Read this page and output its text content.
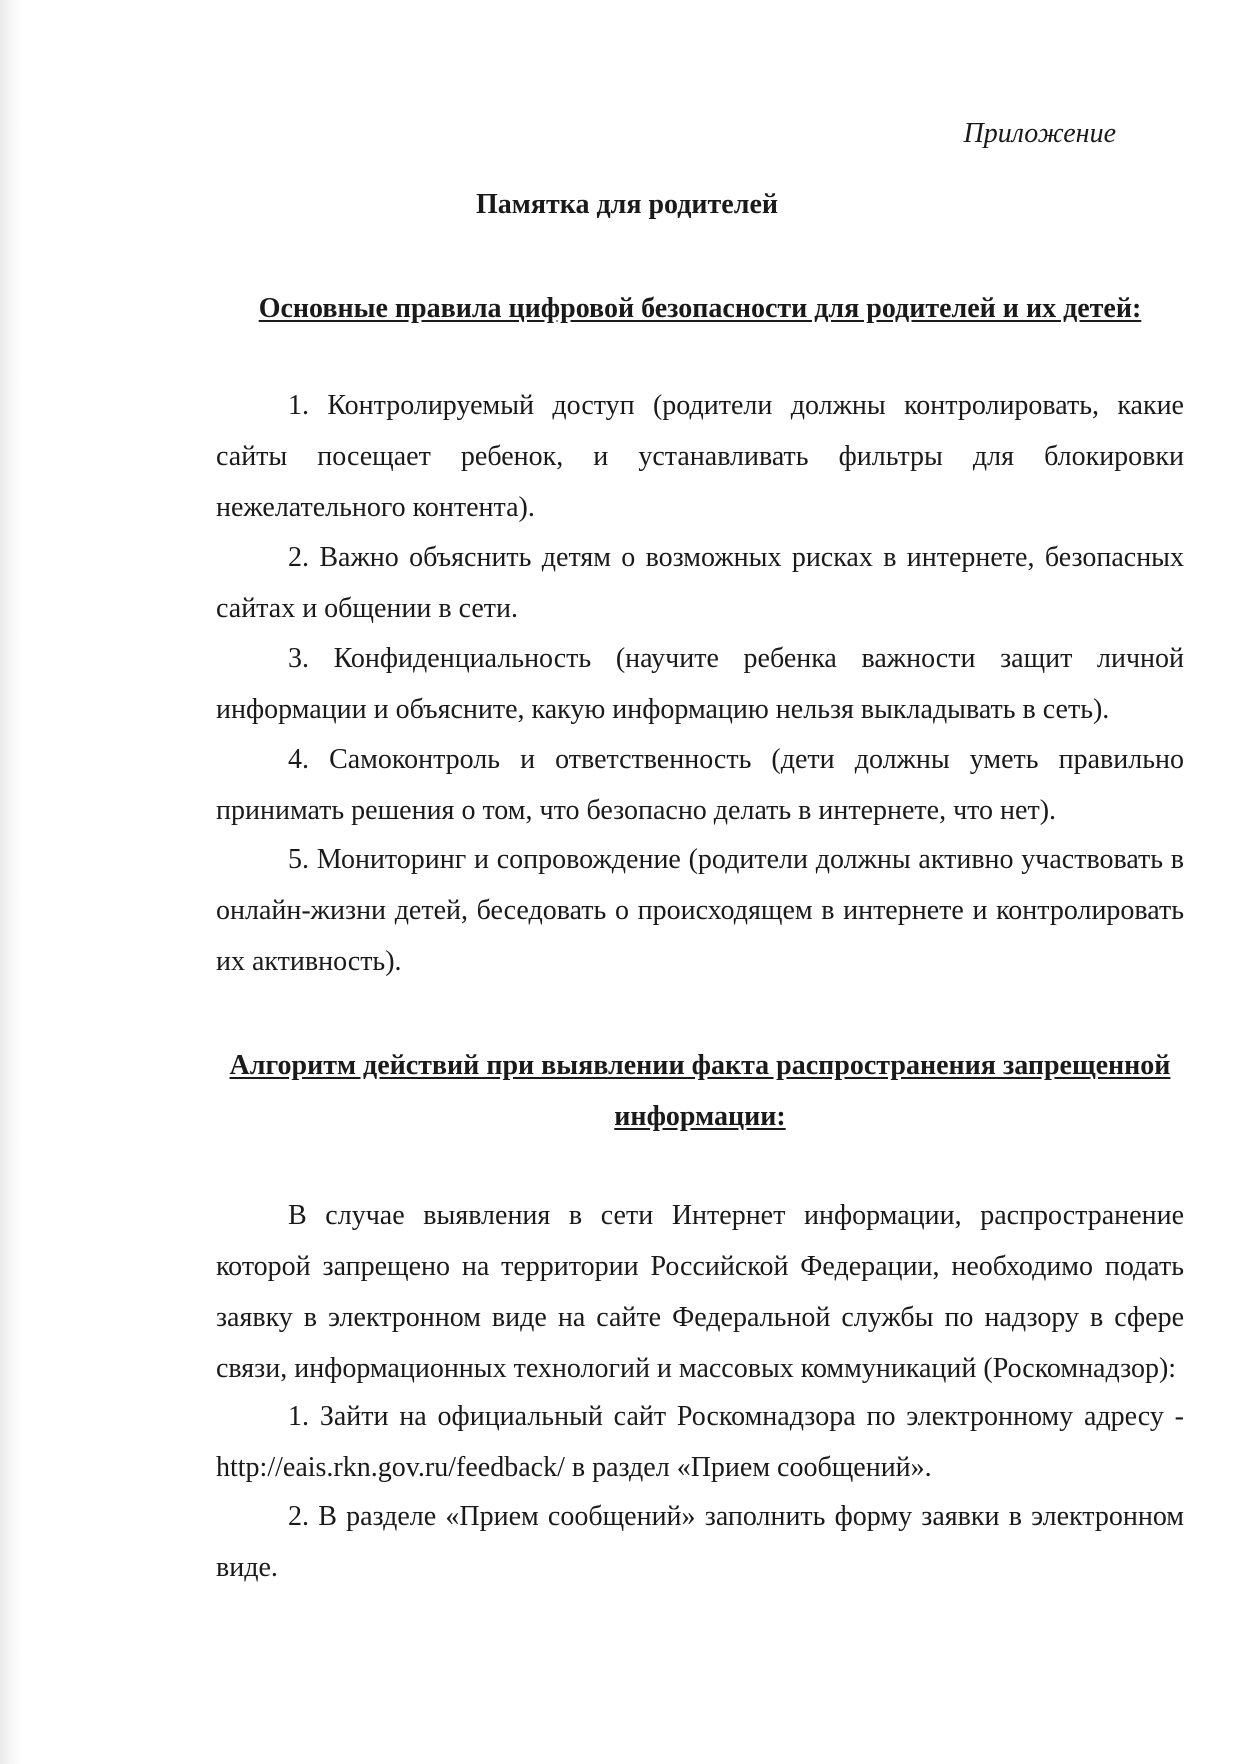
Приложение
Памятка для родителей
Основные правила цифровой безопасности для родителей и их детей:

1. Контролируемый доступ (родители должны контролировать, какие сайты посещает ребенок, и устанавливать фильтры для блокировки нежелательного контента).

2. Важно объяснить детям о возможных рисках в интернете, безопасных сайтах и общении в сети.

3. Конфиденциальность (научите ребенка важности защит личной информации и объясните, какую информацию нельзя выкладывать в сеть).

4. Самоконтроль и ответственность (дети должны уметь правильно принимать решения о том, что безопасно делать в интернете, что нет).

5. Мониторинг и сопровождение (родители должны активно участвовать в онлайн-жизни детей, беседовать о происходящем в интернете и контролировать их активность).

Алгоритм действий при выявлении факта распространения запрещенной информации:

В случае выявления в сети Интернет информации, распространение которой запрещено на территории Российской Федерации, необходимо подать заявку в электронном виде на сайте Федеральной службы по надзору в сфере связи, информационных технологий и массовых коммуникаций (Роскомнадзор):

1. Зайти на официальный сайт Роскомнадзора по электронному адресу - http://eais.rkn.gov.ru/feedback/ в раздел «Прием сообщений».

2. В разделе «Прием сообщений» заполнить форму заявки в электронном виде.
